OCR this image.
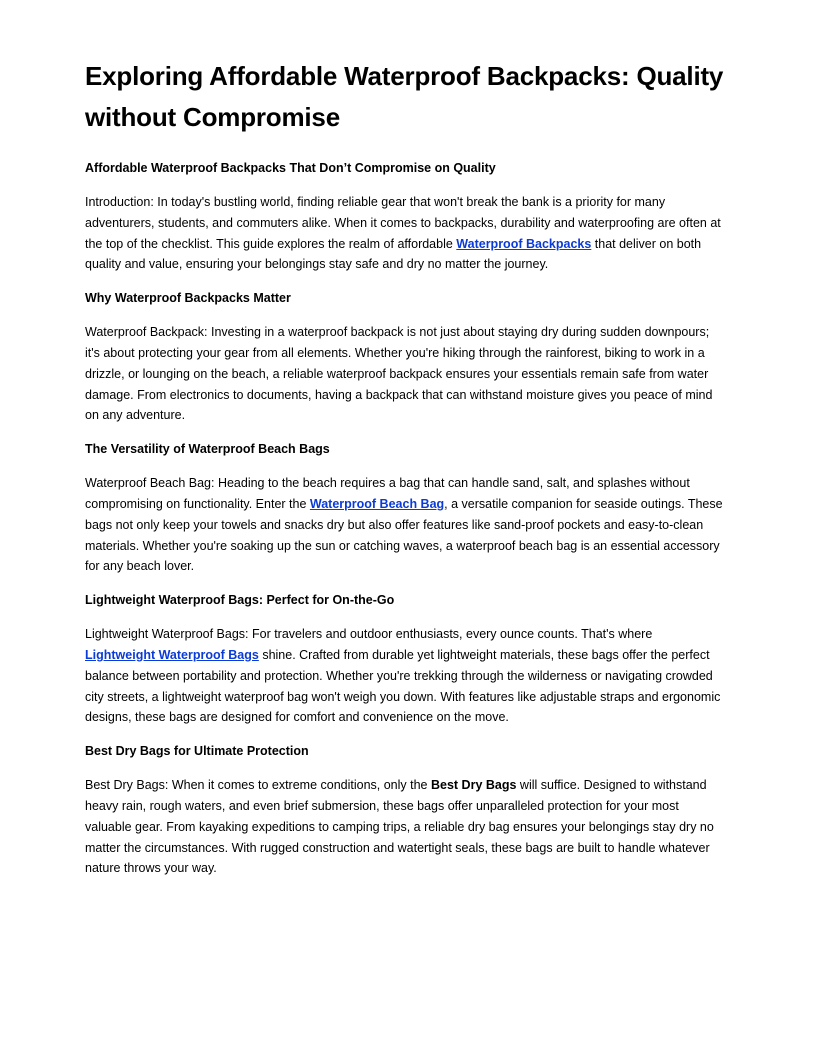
Exploring Affordable Waterproof Backpacks: Quality without Compromise
Affordable Waterproof Backpacks That Don’t Compromise on Quality

Introduction: In today's bustling world, finding reliable gear that won't break the bank is a priority for many adventurers, students, and commuters alike. When it comes to backpacks, durability and waterproofing are often at the top of the checklist. This guide explores the realm of affordable Waterproof Backpacks that deliver on both quality and value, ensuring your belongings stay safe and dry no matter the journey.

Why Waterproof Backpacks Matter

Waterproof Backpack: Investing in a waterproof backpack is not just about staying dry during sudden downpours; it's about protecting your gear from all elements. Whether you're hiking through the rainforest, biking to work in a drizzle, or lounging on the beach, a reliable waterproof backpack ensures your essentials remain safe from water damage. From electronics to documents, having a backpack that can withstand moisture gives you peace of mind on any adventure.

The Versatility of Waterproof Beach Bags

Waterproof Beach Bag: Heading to the beach requires a bag that can handle sand, salt, and splashes without compromising on functionality. Enter the Waterproof Beach Bag, a versatile companion for seaside outings. These bags not only keep your towels and snacks dry but also offer features like sand-proof pockets and easy-to-clean materials. Whether you're soaking up the sun or catching waves, a waterproof beach bag is an essential accessory for any beach lover.

Lightweight Waterproof Bags: Perfect for On-the-Go

Lightweight Waterproof Bags: For travelers and outdoor enthusiasts, every ounce counts. That's where Lightweight Waterproof Bags shine. Crafted from durable yet lightweight materials, these bags offer the perfect balance between portability and protection. Whether you're trekking through the wilderness or navigating crowded city streets, a lightweight waterproof bag won't weigh you down. With features like adjustable straps and ergonomic designs, these bags are designed for comfort and convenience on the move.

Best Dry Bags for Ultimate Protection

Best Dry Bags: When it comes to extreme conditions, only the Best Dry Bags will suffice. Designed to withstand heavy rain, rough waters, and even brief submersion, these bags offer unparalleled protection for your most valuable gear. From kayaking expeditions to camping trips, a reliable dry bag ensures your belongings stay dry no matter the circumstances. With rugged construction and watertight seals, these bags are built to handle whatever nature throws your way.
